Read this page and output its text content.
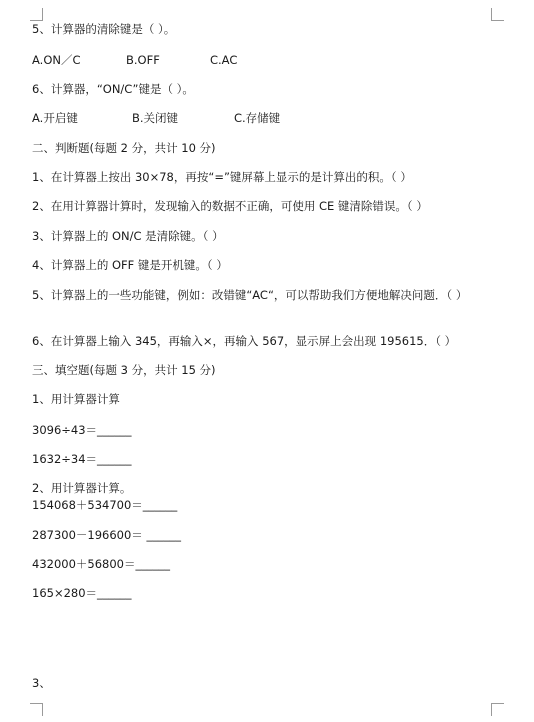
5、计算器的清除键是（ ）。
A.ON／C	B.OFF	C.AC
6、计算器，“ON/C”键是（ ）。
A.开启键	B.关闭键	C.存储键
二、判断题(每题 2 分，共计 10 分)
1、在计算器上按出 30×78，再按“=”键屏幕上显示的是计算出的积。（ ）
2、在用计算器计算时，发现输入的数据不正确，可使用 CE 键清除错误。（ ）
3、计算器上的 ON/C 是清除键。（ ）
4、计算器上的 OFF 键是开机键。（ ）
5、计算器上的一些功能键，例如：改错键“AC“，可以帮助我们方便地解决问题．（ ）
6、在计算器上输入 345，再输入×，再输入 567，显示屏上会出现 195615．（ ）
三、填空题(每题 3 分，共计 15 分)
1、用计算器计算
3096÷43＝______
1632÷34＝______
2、用计算器计算。
154068＋534700＝______
287300－196600＝ ______
432000＋56800＝______
165×280＝______
3、
